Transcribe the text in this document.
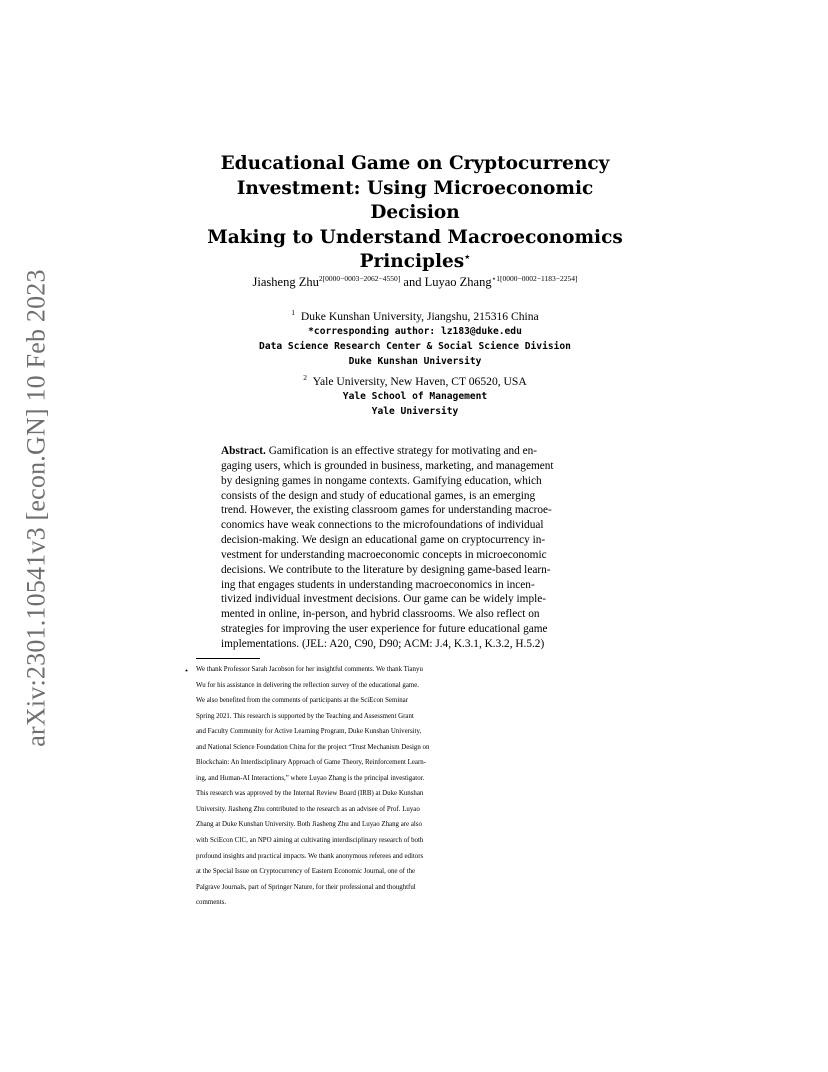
arXiv:2301.10541v3 [econ.GN] 10 Feb 2023
Educational Game on Cryptocurrency
Investment: Using Microeconomic Decision
Making to Understand Macroeconomics
Principles⋆
Jiasheng Zhu$^{2[0000-0003-2062-4550]}$ and Luyao Zhang$^{⋆1[0000-0002-1183-2254]}$
$^1$ Duke Kunshan University, Jiangshu, 215316 China
*corresponding author: lz183@duke.edu
Data Science Research Center & Social Science Division
Duke Kunshan University
$^2$ Yale University, New Haven, CT 06520, USA
Yale School of Management
Yale University
Abstract. Gamification is an effective strategy for motivating and en-
gaging users, which is grounded in business, marketing, and management
by designing games in nongame contexts. Gamifying education, which
consists of the design and study of educational games, is an emerging
trend. However, the existing classroom games for understanding macroe-
conomics have weak connections to the microfoundations of individual
decision-making. We design an educational game on cryptocurrency in-
vestment for understanding macroeconomic concepts in microeconomic
decisions. We contribute to the literature by designing game-based learn-
ing that engages students in understanding macroeconomics in incen-
tivized individual investment decisions. Our game can be widely imple-
mented in online, in-person, and hybrid classrooms. We also reflect on
strategies for improving the user experience for future educational game
implementations. (JEL: A20, C90, D90; ACM: J.4, K.3.1, K.3.2, H.5.2)
⋆	We thank Professor Sarah Jacobson for her insightful comments. We thank Tianyu
Wu for his assistance in delivering the reflection survey of the educational game.
We also benefited from the comments of participants at the SciEcon Seminar
Spring 2021. This research is supported by the Teaching and Assessment Grant
and Faculty Community for Active Learning Program, Duke Kunshan University,
and National Science Foundation China for the project “Trust Mechanism Design on
Blockchain: An Interdisciplinary Approach of Game Theory, Reinforcement Learn-
ing, and Human-AI Interactions,” where Luyao Zhang is the principal investigator.
This research was approved by the Internal Review Board (IRB) at Duke Kunshan
University. Jiasheng Zhu contributed to the research as an advisee of Prof. Luyao
Zhang at Duke Kunshan University. Both Jiasheng Zhu and Luyao Zhang are also
with SciEcon CIC, an NPO aiming at cultivating interdisciplinary research of both
profound insights and practical impacts. We thank anonymous referees and editors
at the Special Issue on Cryptocurrency of Eastern Economic Journal, one of the
Palgrave Journals, part of Springer Nature, for their professional and thoughtful
comments.
